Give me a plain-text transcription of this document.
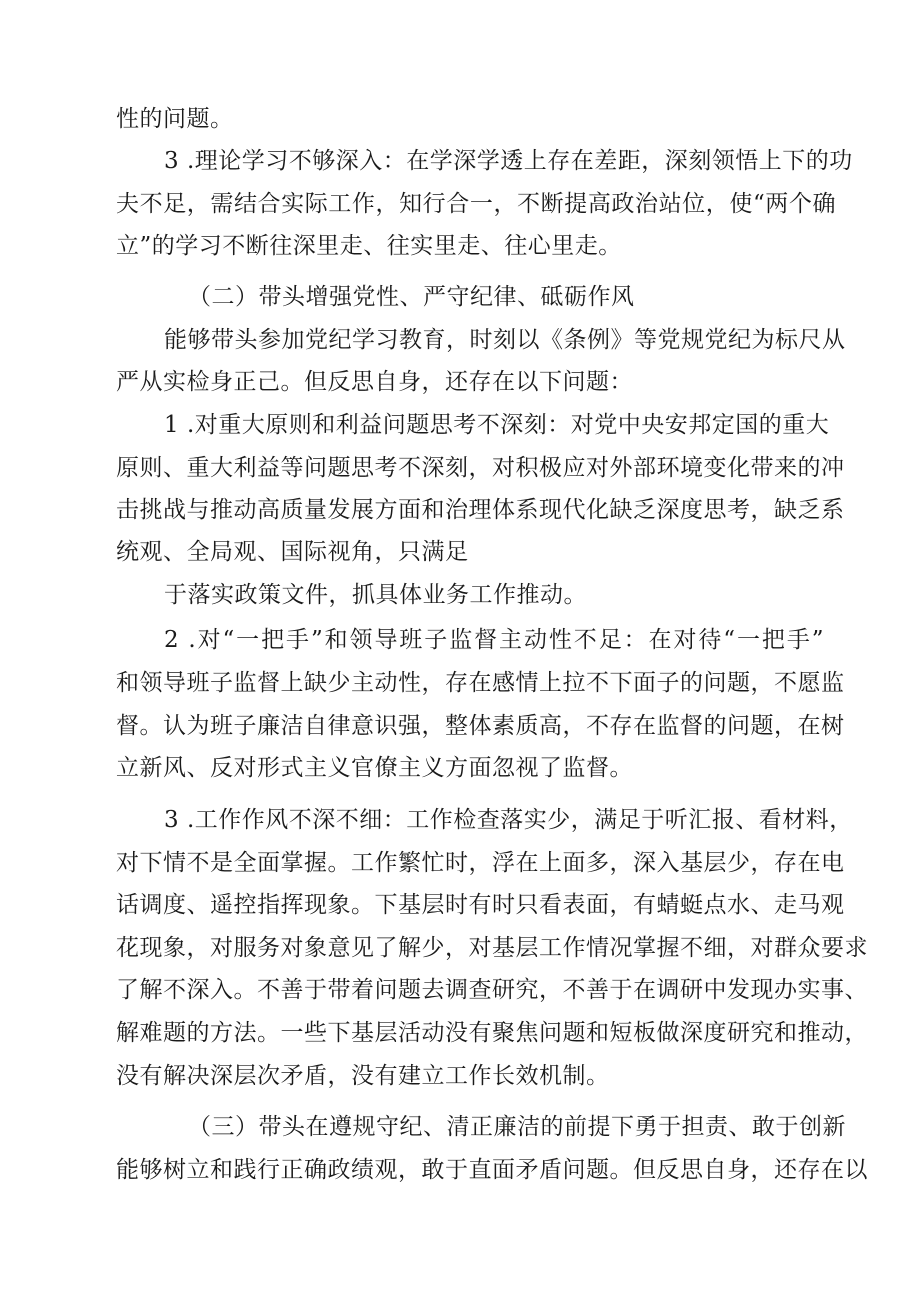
性的问题。
3 .理论学习不够深入：在学深学透上存在差距，深刻领悟上下的功
夫不足，需结合实际工作，知行合一，不断提高政治站位，使“两个确
立”的学习不断往深里走、往实里走、往心里走。
（二）带头增强党性、严守纪律、砥砺作风
能够带头参加党纪学习教育，时刻以《条例》等党规党纪为标尺从
严从实检身正己。但反思自身，还存在以下问题：
1 .对重大原则和利益问题思考不深刻：对党中央安邦定国的重大
原则、重大利益等问题思考不深刻，对积极应对外部环境变化带来的冲
击挑战与推动高质量发展方面和治理体系现代化缺乏深度思考，缺乏系
统观、全局观、国际视角，只满足
于落实政策文件，抓具体业务工作推动。
2 .对“一把手”和领导班子监督主动性不足：在对待“一把手”
和领导班子监督上缺少主动性，存在感情上拉不下面子的问题，不愿监
督。认为班子廉洁自律意识强，整体素质高，不存在监督的问题，在树
立新风、反对形式主义官僚主义方面忽视了监督。
3 .工作作风不深不细：工作检查落实少，满足于听汇报、看材料，
对下情不是全面掌握。工作繁忙时，浮在上面多，深入基层少，存在电
话调度、遥控指挥现象。下基层时有时只看表面，有蜻蜓点水、走马观
花现象，对服务对象意见了解少，对基层工作情况掌握不细，对群众要求
了解不深入。不善于带着问题去调查研究，不善于在调研中发现办实事、
解难题的方法。一些下基层活动没有聚焦问题和短板做深度研究和推动，
没有解决深层次矛盾，没有建立工作长效机制。
（三）带头在遵规守纪、清正廉洁的前提下勇于担责、敢于创新
能够树立和践行正确政绩观，敢于直面矛盾问题。但反思自身，还存在以
